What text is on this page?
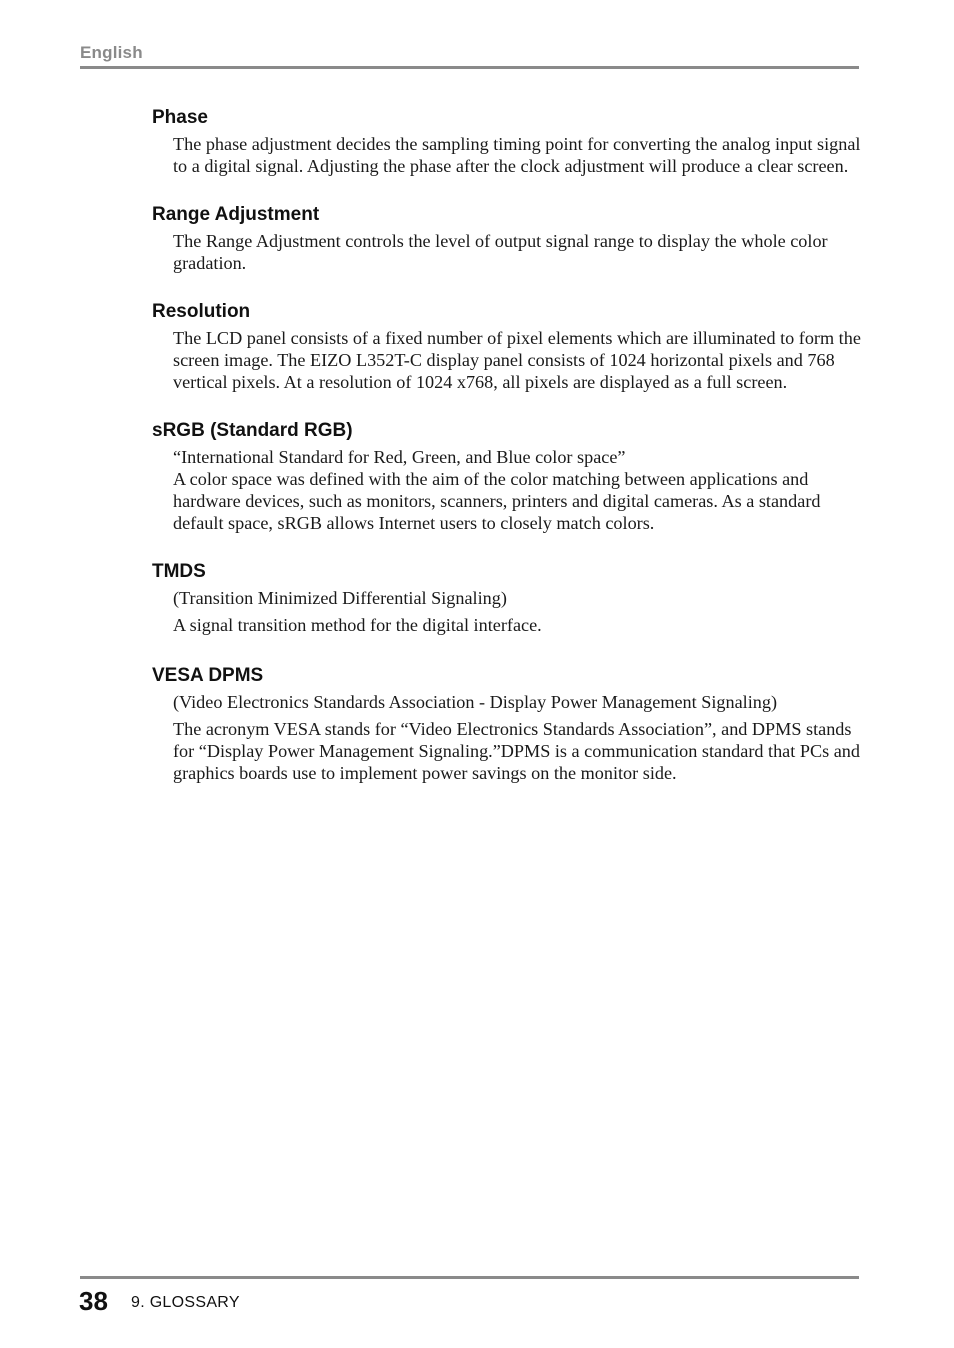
English
Phase

The phase adjustment decides the sampling timing point for converting the analog input signal to a digital signal. Adjusting the phase after the clock adjustment will produce a clear screen.

Range Adjustment

The Range Adjustment controls the level of output signal range to display the whole color gradation.

Resolution

The LCD panel consists of a fixed number of pixel elements which are illuminated to form the screen image. The EIZO L352T-C display panel consists of 1024 horizontal pixels and 768 vertical pixels. At a resolution of 1024 x768, all pixels are displayed as a full screen.

sRGB (Standard RGB)

“International Standard for Red, Green, and Blue color space”

A color space was defined with the aim of the color matching between applications and hardware devices, such as monitors, scanners, printers and digital cameras. As a standard default space, sRGB allows Internet users to closely match colors.

TMDS

(Transition Minimized Differential Signaling)

A signal transition method for the digital interface.

VESA DPMS

(Video Electronics Standards Association - Display Power Management Signaling)

The acronym VESA stands for “Video Electronics Standards Association”, and DPMS stands for “Display Power Management Signaling.”DPMS is a communication standard that PCs and graphics boards use to implement power savings on the monitor side.

38 9. GLOSSARY
